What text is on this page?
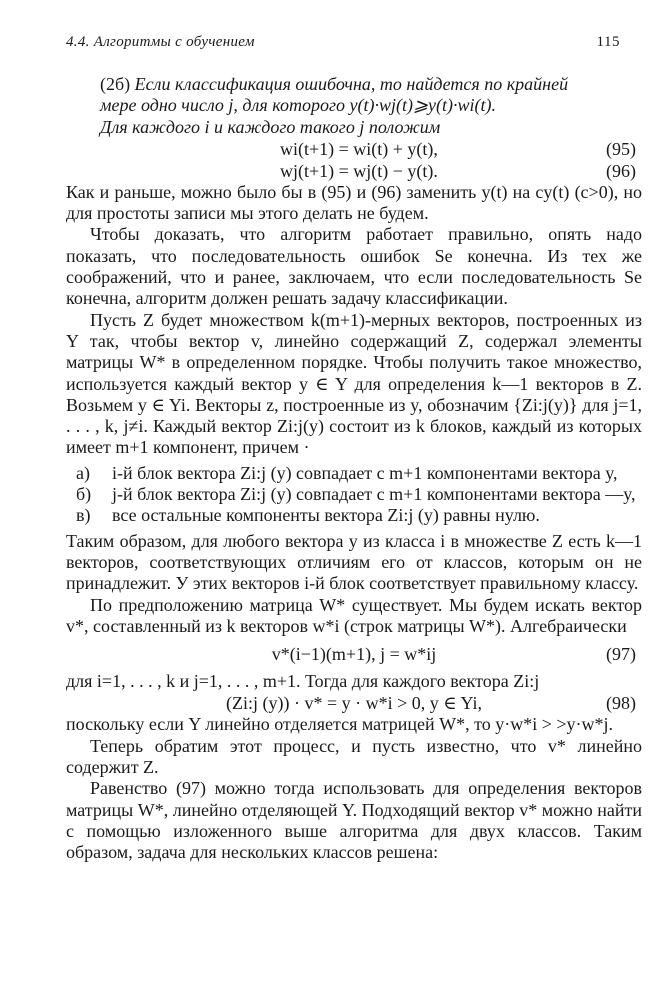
4.4. Алгоритмы с обучением	115
(2б) Если классификация ошибочна, то найдется по крайней
мере одно число j, для которого y(t)·wj(t)⩾y(t)·wi(t).
Для каждого i и каждого такого j положим
wi(t+1) = wi(t) + y(t),	(95)
wj(t+1) = wj(t) − y(t).	(96)

Как и раньше, можно было бы в (95) и (96) заменить y(t) на cy(t) (c>0), но для простоты записи мы этого делать не будем.

Чтобы доказать, что алгоритм работает правильно, опять надо показать, что последовательность ошибок Se конечна. Из тех же соображений, что и ранее, заключаем, что если последовательность Se конечна, алгоритм должен решать задачу классификации.

Пусть Z будет множеством k(m+1)-мерных векторов, построенных из Y так, чтобы вектор v, линейно содержащий Z, содержал элементы матрицы W* в определенном порядке. Чтобы получить такое множество, используется каждый вектор y ∈ Y для определения k—1 векторов в Z. Возьмем y ∈ Yi. Векторы z, построенные из y, обозначим {Zi:j(y)} для j=1, . . . , k, j≠i. Каждый вектор Zi:j(y) состоит из k блоков, каждый из которых имеет m+1 компонент, причем ·

а)	i-й блок вектора Zi:j (y) совпадает с m+1 компонентами вектора y,
б)	j-й блок вектора Zi:j (y) совпадает с m+1 компонентами вектора —y,
в)	все остальные компоненты вектора Zi:j (y) равны нулю.

Таким образом, для любого вектора y из класса i в множестве Z есть k—1 векторов, соответствующих отличиям его от классов, которым он не принадлежит. У этих векторов i-й блок соответствует правильному классу.

По предположению матрица W* существует. Мы будем искать вектор v*, составленный из k векторов w*i (строк матрицы W*). Алгебраически

v*(i−1)(m+1), j = w*ij	(97)

для i=1, . . . , k и j=1, . . . , m+1. Тогда для каждого вектора Zi:j

(Zi:j (y)) · v* = y · w*i > 0, y ∈ Yi,	(98)

поскольку если Y линейно отделяется матрицей W*, то y·w*i > >y·w*j.

Теперь обратим этот процесс, и пусть известно, что v* линейно содержит Z.

Равенство (97) можно тогда использовать для определения векторов матрицы W*, линейно отделяющей Y. Подходящий вектор v* можно найти с помощью изложенного выше алгоритма для двух классов. Таким образом, задача для нескольких классов решена:
